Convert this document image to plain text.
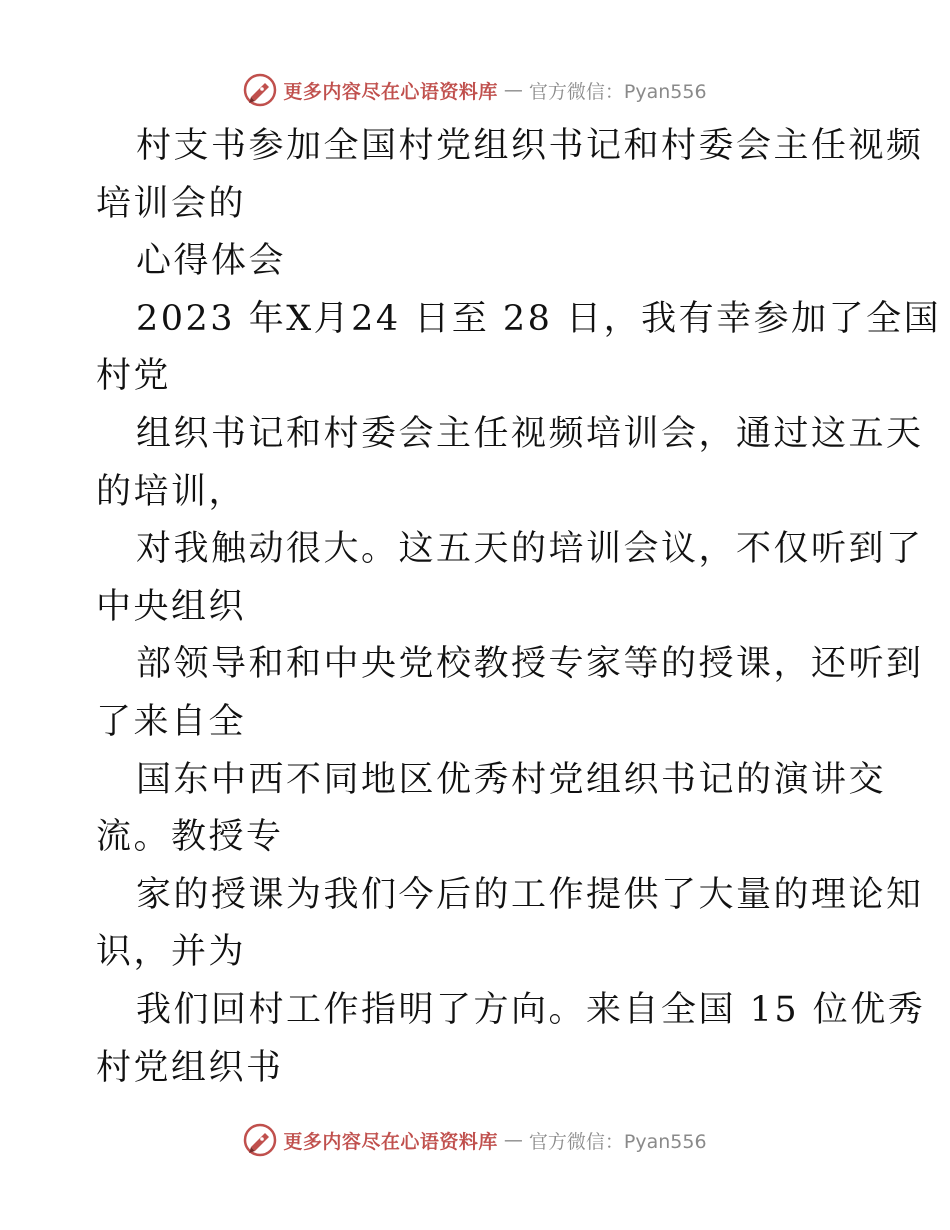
更多内容尽在心语资料库 — 官方微信：Pyan556

村支书参加全国村党组织书记和村委会主任视频

培训会的

心得体会

2023 年X月24 日至 28 日，我有幸参加了全国

村党

组织书记和村委会主任视频培训会，通过这五天

的培训，

对我触动很大。这五天的培训会议，不仅听到了

中央组织

部领导和和中央党校教授专家等的授课，还听到

了来自全

国东中西不同地区优秀村党组织书记的演讲交

流。教授专

家的授课为我们今后的工作提供了大量的理论知

识，并为

我们回村工作指明了方向。来自全国 15 位优秀

村党组织书

更多内容尽在心语资料库 — 官方微信：Pyan556
